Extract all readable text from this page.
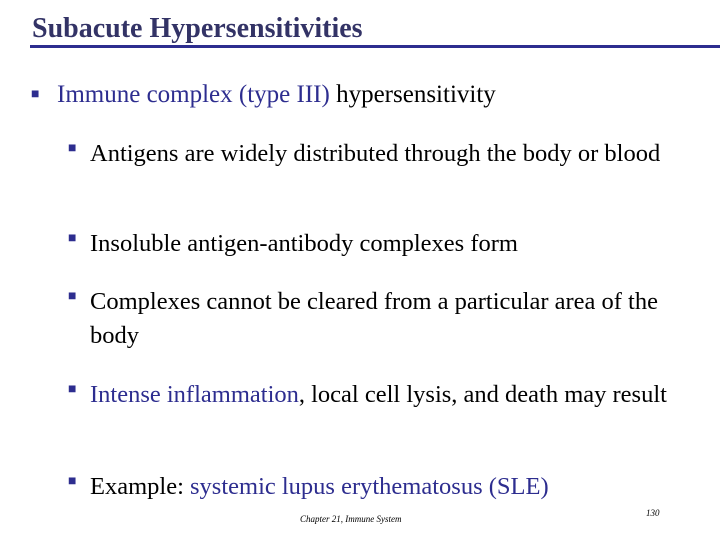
Subacute Hypersensitivities
■ Immune complex (type III) hypersensitivity
■ Antigens are widely distributed through the body or blood
■ Insoluble antigen-antibody complexes form
■ Complexes cannot be cleared from a particular area of the body
■ Intense inflammation, local cell lysis, and death may result
■ Example: systemic lupus erythematosus (SLE)
Chapter 21, Immune System
130
